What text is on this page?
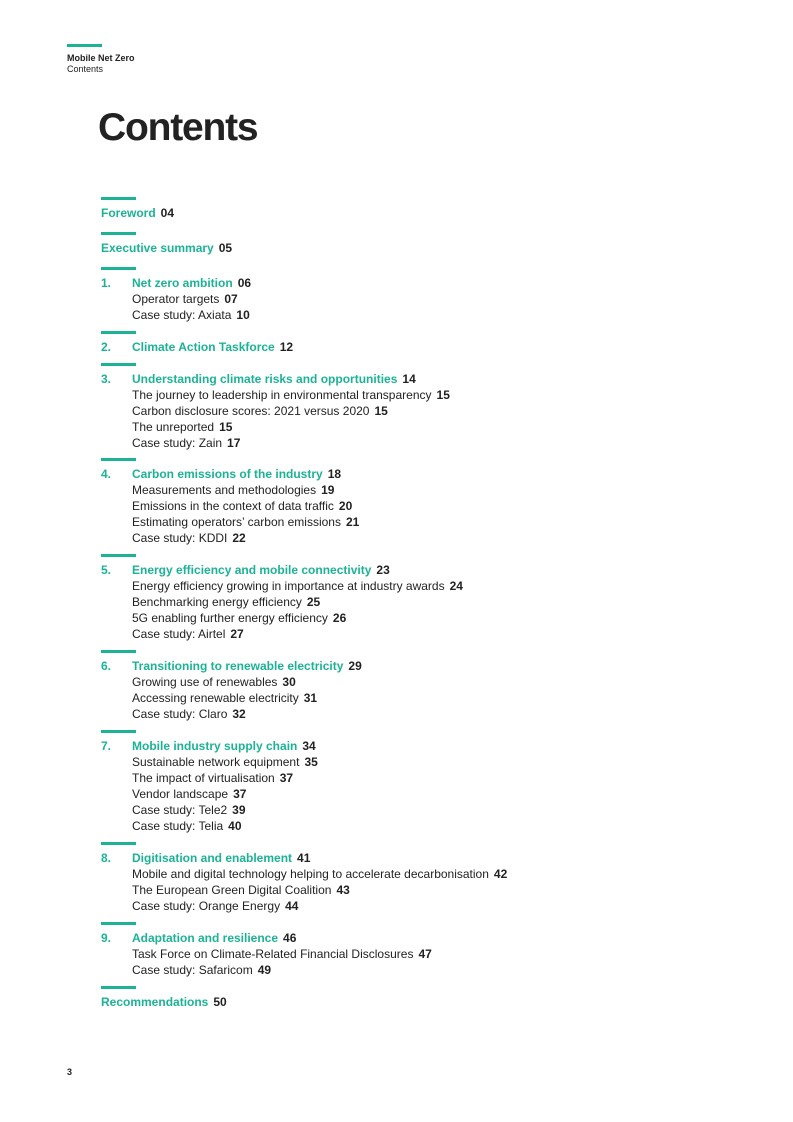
Mobile Net Zero
Contents
Contents
Foreword 04
Executive summary 05
1. Net zero ambition 06
Operator targets 07
Case study: Axiata 10
2. Climate Action Taskforce 12
3. Understanding climate risks and opportunities 14
The journey to leadership in environmental transparency 15
Carbon disclosure scores: 2021 versus 2020 15
The unreported 15
Case study: Zain 17
4. Carbon emissions of the industry 18
Measurements and methodologies 19
Emissions in the context of data traffic 20
Estimating operators’ carbon emissions 21
Case study: KDDI 22
5. Energy efficiency and mobile connectivity 23
Energy efficiency growing in importance at industry awards 24
Benchmarking energy efficiency 25
5G enabling further energy efficiency 26
Case study: Airtel 27
6. Transitioning to renewable electricity 29
Growing use of renewables 30
Accessing renewable electricity 31
Case study: Claro 32
7. Mobile industry supply chain 34
Sustainable network equipment 35
The impact of virtualisation 37
Vendor landscape 37
Case study: Tele2 39
Case study: Telia 40
8. Digitisation and enablement 41
Mobile and digital technology helping to accelerate decarbonisation 42
The European Green Digital Coalition 43
Case study: Orange Energy 44
9. Adaptation and resilience 46
Task Force on Climate-Related Financial Disclosures 47
Case study: Safaricom 49
Recommendations 50
3
